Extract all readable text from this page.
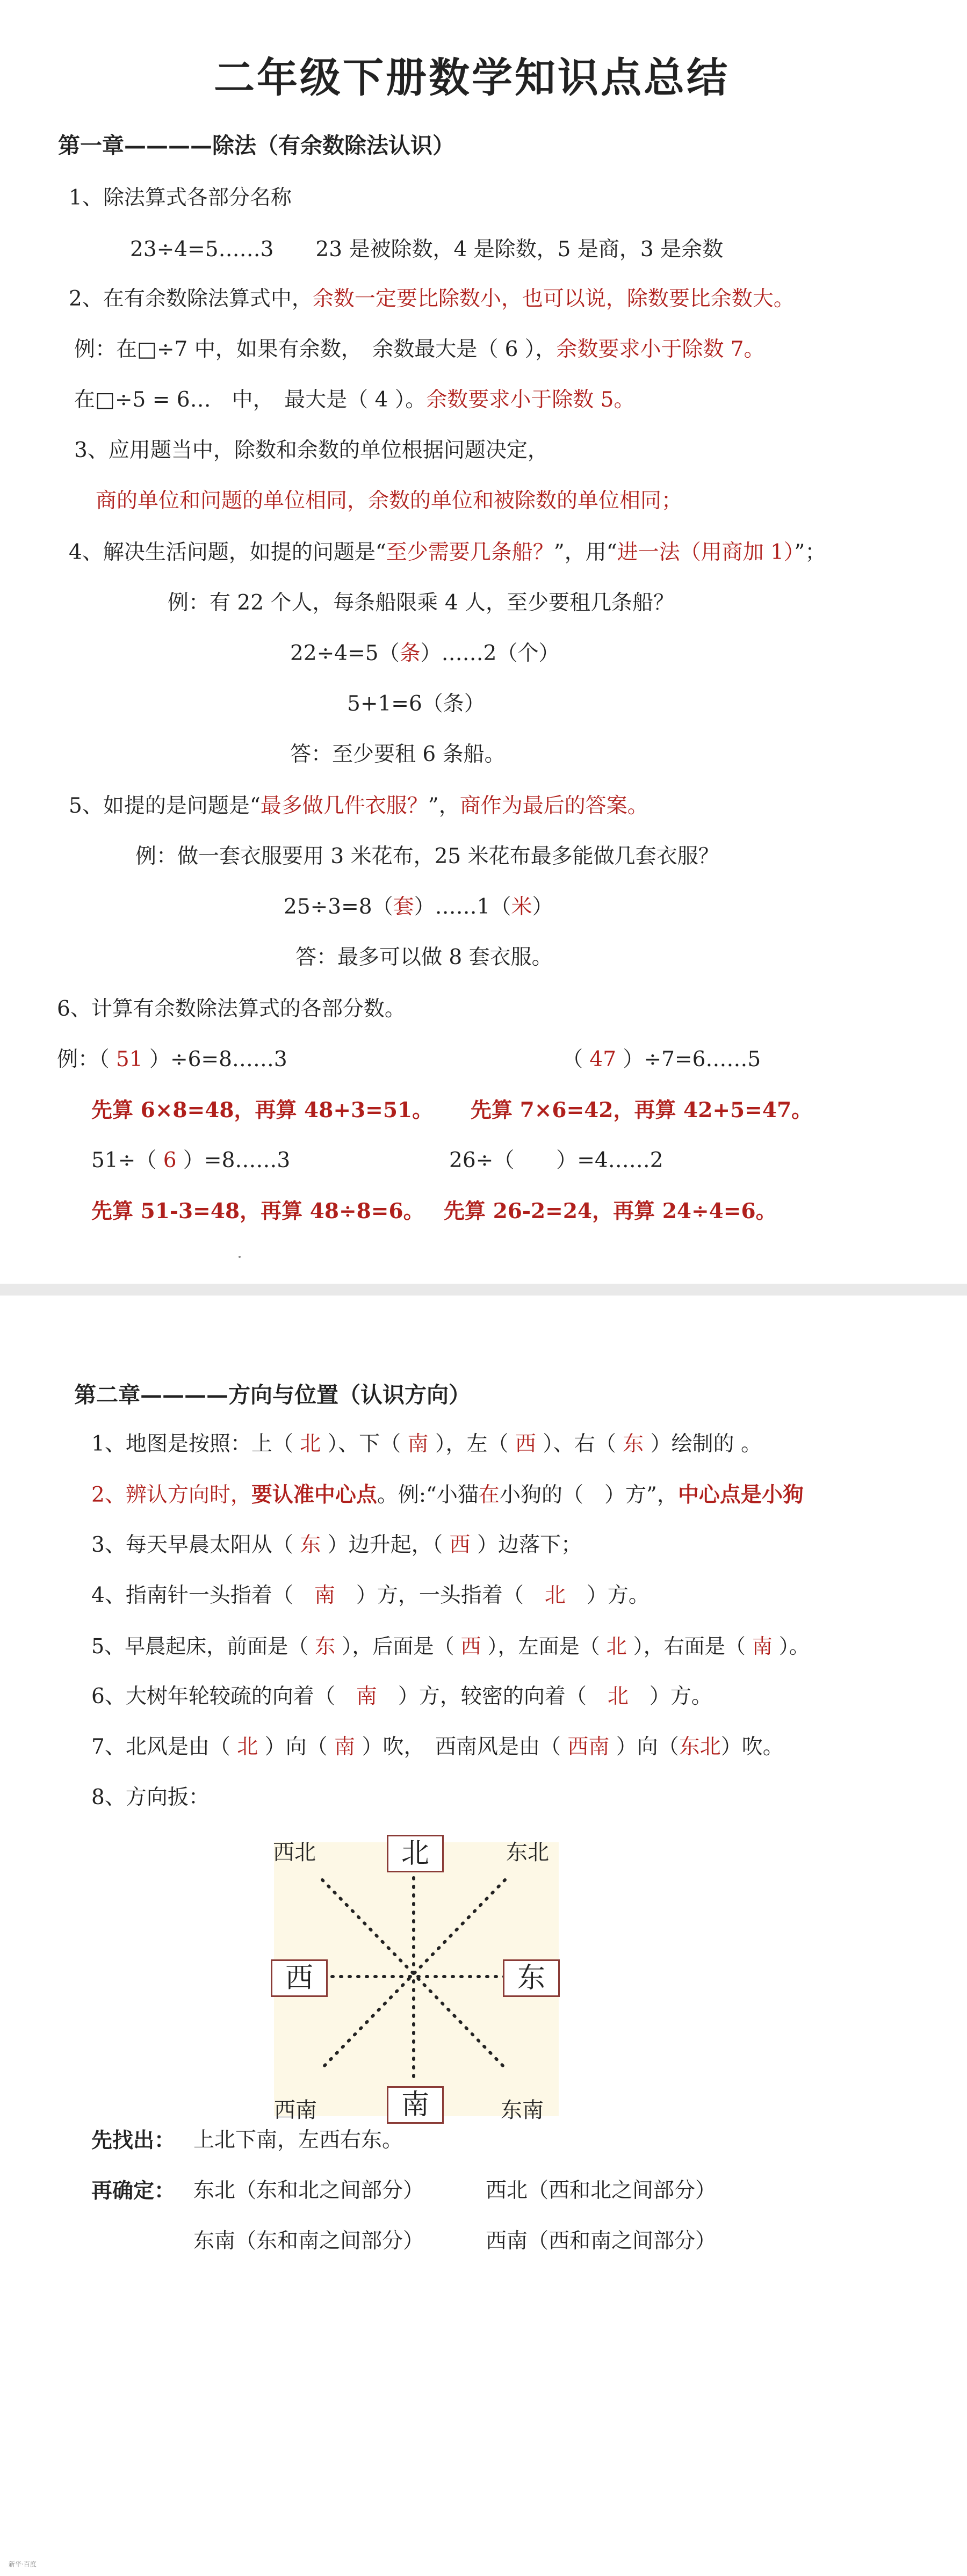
二年级下册数学知识点总结
第一章————除法（有余数除法认识）
1、除法算式各部分名称
23÷4=5……3　　23 是被除数，4 是除数，5 是商，3 是余数
2、在有余数除法算式中，余数一定要比除数小，也可以说，除数要比余数大。
例：在□÷7 中，如果有余数，　余数最大是（ 6 ），余数要求小于除数 7。
在□÷5 = 6…　中，　最大是（ 4 ）。余数要求小于除数 5。
3、应用题当中，除数和余数的单位根据问题决定，
商的单位和问题的单位相同，余数的单位和被除数的单位相同；
4、解决生活问题，如提的问题是“至少需要几条船？”，用“进一法（用商加 1）”；
例：有 22 个人，每条船限乘 4 人，至少要租几条船？
22÷4=5（条）……2（个）
5+1=6（条）
答：至少要租 6 条船。
5、如提的是问题是“最多做几件衣服？”，商作为最后的答案。
例：做一套衣服要用 3 米花布，25 米花布最多能做几套衣服？
25÷3=8（套）……1（米）
答：最多可以做 8 套衣服。
6、计算有余数除法算式的各部分数。
例：（ 51 ）÷6=8……3	（ 47 ）÷7=6……5
先算 6×8=48，再算 48+3=51。 先算 7×6=42，再算 42+5=47。
51÷（ 6 ）=8……3	26÷（　　）=4……2
先算 51-3=48，再算 48÷8=6。 先算 26-2=24，再算 24÷4=6。
第二章————方向与位置（认识方向）
1、地图是按照：上（ 北 ）、下（ 南 ），左（ 西 ）、右（ 东 ）绘制的 。
2、辨认方向时，要认准中心点。例:“小猫在小狗的（　）方”，中心点是小狗
3、每天早晨太阳从（ 东 ）边升起，（ 西 ）边落下；
4、指南针一头指着（　南　）方，一头指着（　北　）方。
5、早晨起床，前面是（ 东 ），后面是（ 西 ），左面是（ 北 ），右面是（ 南 ）。
6、大树年轮较疏的向着（　南　）方，较密的向着（　北　）方。
7、北风是由（ 北 ）向（ 南 ）吹，　西南风是由（ 西南 ）向（东北）吹。
8、方向扳：
先找出： 上北下南，左西右东。
再确定： 东北（东和北之间部分）	西北（西和北之间部分）
东南（东和南之间部分）	西南（西和南之间部分）
新华·百度
北
南
西	东
西北	东北
西南	东南
